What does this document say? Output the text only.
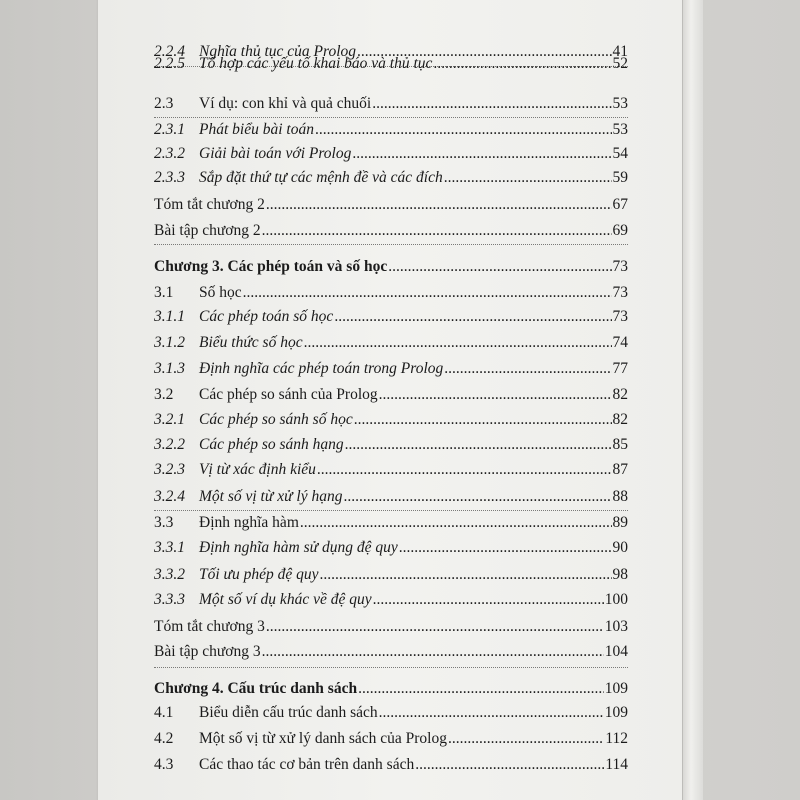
2.2.4 Nghĩa thủ tục của Prolog .....	41
2.2.5 Tổ hợp các yếu tố khai báo và thủ tục .....	52
2.3	Ví dụ: con khỉ và quả chuối .....	53
2.3.1 Phát biểu bài toán .....	53
2.3.2 Giải bài toán với Prolog .....	54
2.3.3 Sắp đặt thứ tự các mệnh đề và các đích .....	59
Tóm tắt chương 2 .....	67
Bài tập chương 2 .....	69
Chương 3. Các phép toán và số học .....	73
3.1	Số học .....	73
3.1.1 Các phép toán số học .....	73
3.1.2 Biểu thức số học .....	74
3.1.3 Định nghĩa các phép toán trong Prolog .....	77
3.2	Các phép so sánh của Prolog .....	82
3.2.1 Các phép so sánh số học .....	82
3.2.2 Các phép so sánh hạng .....	85
3.2.3 Vị từ xác định kiểu .....	87
3.2.4 Một số vị từ xử lý hạng .....	88
3.3	Định nghĩa hàm .....	89
3.3.1 Định nghĩa hàm sử dụng đệ quy .....	90
3.3.2 Tối ưu phép đệ quy .....	98
3.3.3 Một số ví dụ khác về đệ quy .....	100
Tóm tắt chương 3 .....	103
Bài tập chương 3 .....	104
Chương 4. Cấu trúc danh sách .....	109
4.1	Biểu diễn cấu trúc danh sách .....	109
4.2	Một số vị từ xử lý danh sách của Prolog .....	112
4.3	Các thao tác cơ bản trên danh sách .....	114
